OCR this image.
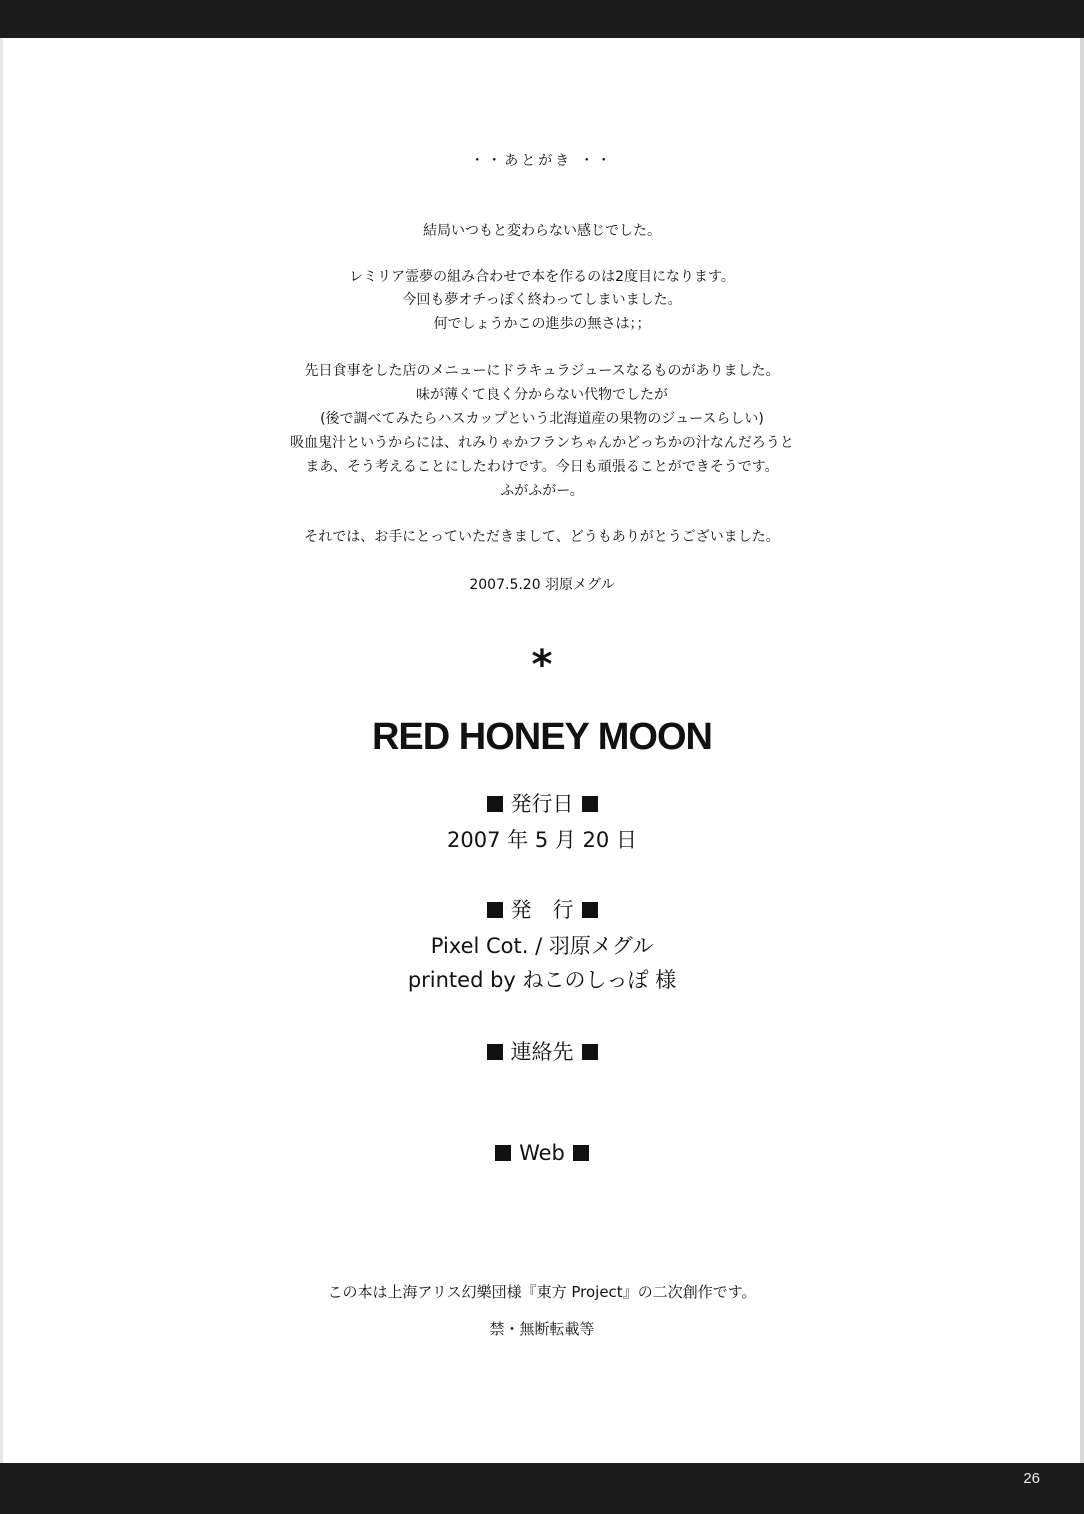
・・あとがき ・・
結局いつもと変わらない感じでした。
レミリア霊夢の組み合わせで本を作るのは2度目になります。
今回も夢オチっぽく終わってしまいました。
何でしょうかこの進歩の無さは；；
先日食事をした店のメニューにドラキュラジュースなるものがありました。
味が薄くて良く分からない代物でしたが
(後で調べてみたらハスカップという北海道産の果物のジュースらしい)
吸血鬼汁というからには、れみりゃかフランちゃんかどっちかの汁なんだろうと
まあ、そう考えることにしたわけです。今日も頑張ることができそうです。
ふがふがー。
それでは、お手にとっていただきまして、どうもありがとうございました。
2007.5.20 羽原メグル
*
RED HONEY MOON
発行日
2007 年 5 月 20 日
発　行
Pixel Cot. / 羽原メグル
printed by ねこのしっぽ 様
連絡先
Web
この本は上海アリス幻樂団様『東方 Project』の二次創作です。
禁・無断転載等
26
